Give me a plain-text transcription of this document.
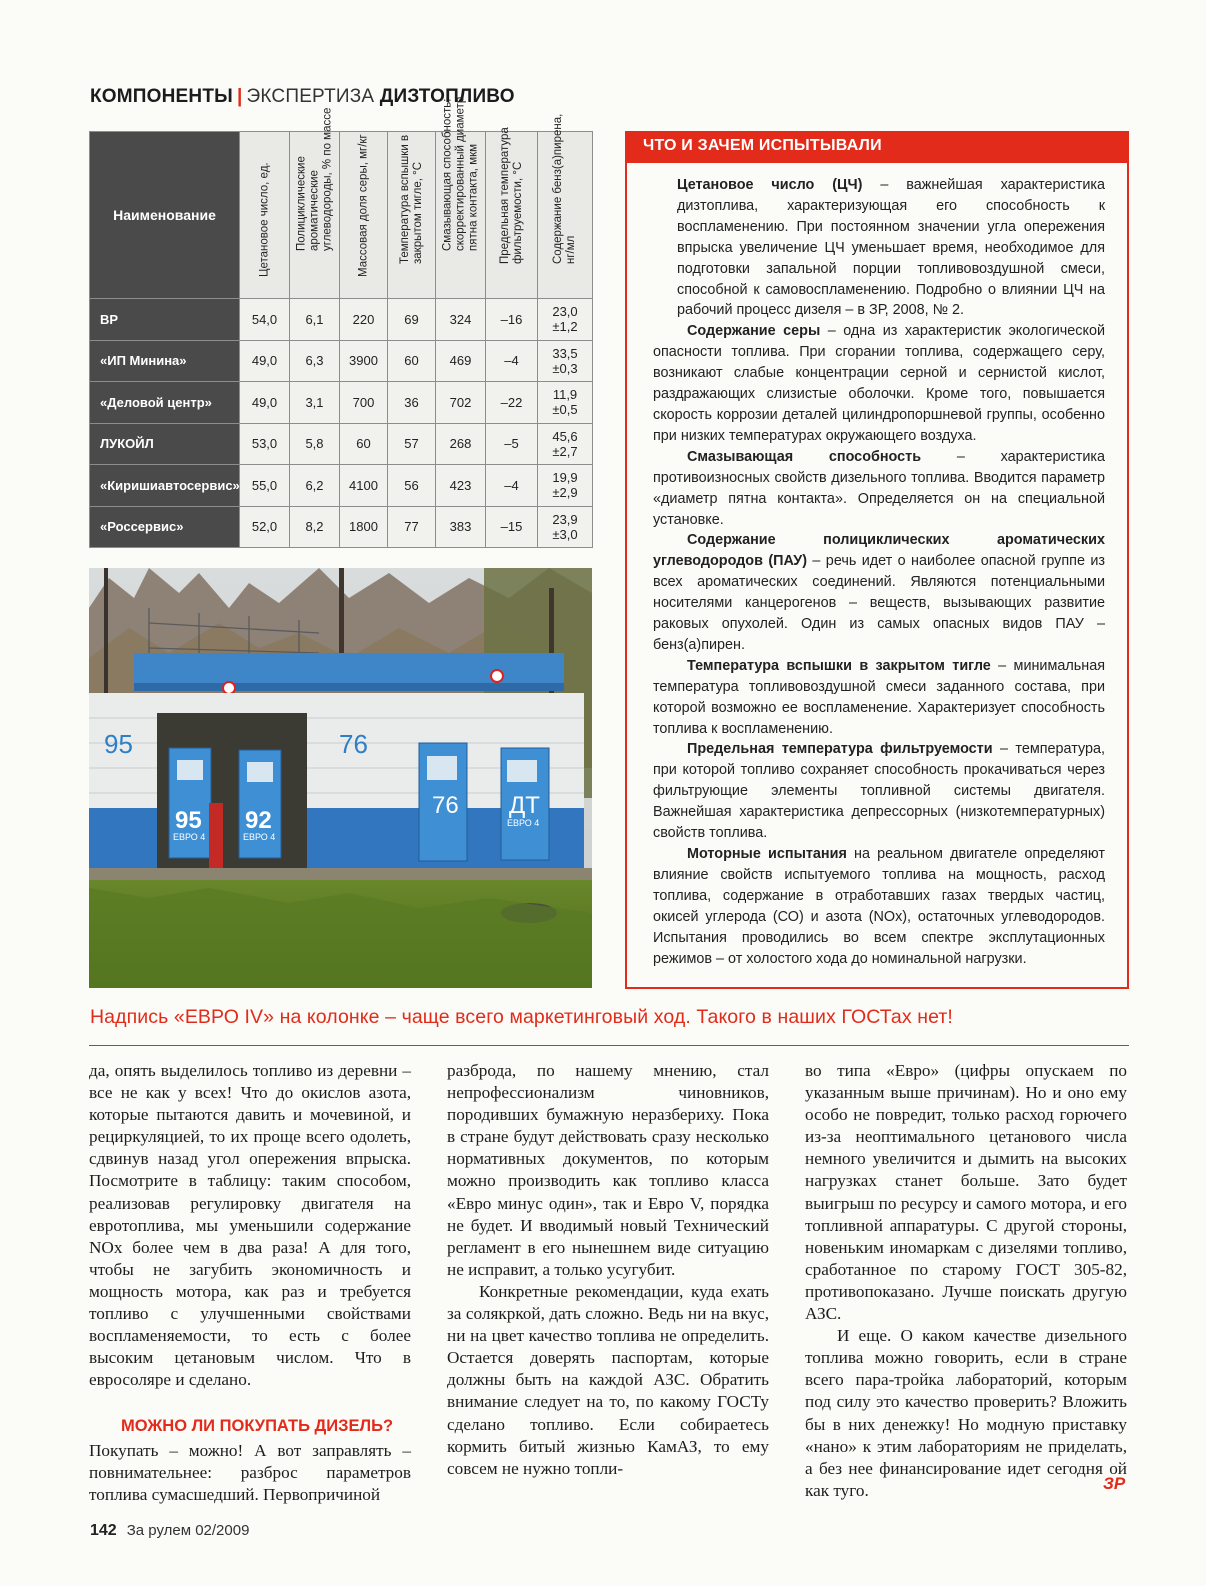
КОМПОНЕНТЫ | ЭКСПЕРТИЗА ДИЗТОПЛИВО
Наименование	Цетановое число, ед.	Полициклические ароматические углеводороды, % по массе	Массовая доля серы, мг/кг	Температура вспышки в закрытом тигле, °С	Смазывающая способность: скорректированный диаметр пятна контакта, мкм	Предельная температура фильтруемости, °С	Содержание бенз(а)пирена, нг/мл

BP	54,0	6,1	220	69	324	–16	23,0
±1,2
«ИП Минина»	49,0	6,3	3900	60	469	–4	33,5
±0,3
«Деловой центр»	49,0	3,1	700	36	702	–22	11,9
±0,5
ЛУКОЙЛ	53,0	5,8	60	57	268	–5	45,6
±2,7
«Киришиавтосервис»	55,0	6,2	4100	56	423	–4	19,9
±2,9
«Россервис»	52,0	8,2	1800	77	383	–15	23,9
±3,0
95	76
95
ЕВРО 4
92
ЕВРО 4
76 ДТ
ЕВРО 4
ЧТО И ЗАЧЕМ ИСПЫТЫВАЛИ

Цетановое число (ЦЧ) – важнейшая характеристика дизтоплива, характеризующая его способность к воспламенению. При постоянном значении угла опережения впрыска увеличение ЦЧ уменьшает время, необходимое для подготовки запальной порции топливовоздушной смеси, способной к самовоспламенению. Подробно о влиянии ЦЧ на рабочий процесс дизеля – в ЗР, 2008, № 2.

Содержание серы – одна из характеристик экологической опасности топлива. При сгорании топлива, содержащего серу, возникают слабые концентрации серной и сернистой кислот, раздражающих слизистые оболочки. Кроме того, повышается скорость коррозии деталей цилиндропоршневой группы, особенно при низких температурах окружающего воздуха.

Смазывающая способность – характеристика противоизносных свойств дизельного топлива. Вводится параметр «диаметр пятна контакта». Определяется он на специальной установке.

Содержание полициклических ароматических углеводородов (ПАУ) – речь идет о наиболее опасной группе из всех ароматических соединений. Являются потенциальными носителями канцерогенов – веществ, вызывающих развитие раковых опухолей. Один из самых опасных видов ПАУ – бенз(а)пирен.

Температура вспышки в закрытом тигле – минимальная температура топливовоздушной смеси заданного состава, при которой возможно ее воспламенение. Характеризует способность топлива к воспламенению.

Предельная температура фильтруемости – температура, при которой топливо сохраняет способность прокачиваться через фильтрующие элементы топливной системы двигателя. Важнейшая характеристика депрессорных (низкотемпературных) свойств топлива.

Моторные испытания на реальном двигателе определяют влияние свойств испытуемого топлива на мощность, расход топлива, содержание в отработавших газах твердых частиц, окисей углерода (СО) и азота (NOx), остаточных углеводородов. Испытания проводились во всем спектре эксплутационных режимов – от холостого хода до номинальной нагрузки.

Надпись «ЕВРО IV» на колонке – чаще всего маркетинговый ход. Такого в наших ГОСТах нет!

да, опять выделилось топливо из деревни – все не как у всех! Что до окислов азота, которые пытаются давить и мочевиной, и рециркуляцией, то их проще всего одолеть, сдвинув назад угол опережения впрыска. Посмотрите в таблицу: таким способом, реализовав регулировку двигателя на евротоплива, мы уменьшили содержание NOx более чем в два раза! А для того, чтобы не загубить экономичность и мощность мотора, как раз и требуется топливо с улучшенными свойствами воспламеняемости, то есть с более высоким цетановым числом. Что в евросоляре и сделано.

МОЖНО ЛИ ПОКУПАТЬ ДИЗЕЛЬ?

Покупать – можно! А вот заправлять – повнимательнее: разброс параметров топлива сумасшедший. Первопричиной

разброда, по нашему мнению, стал непрофессионализм чиновников, породивших бумажную неразбериху. Пока в стране будут действовать сразу несколько нормативных документов, по которым можно производить как топливо класса «Евро минус один», так и Евро V, порядка не будет. И вводимый новый Технический регламент в его нынешнем виде ситуацию не исправит, а только усугубит.

Конкретные рекомендации, куда ехать за солякркой, дать сложно. Ведь ни на вкус, ни на цвет качество топлива не определить. Остается доверять паспортам, которые должны быть на каждой АЗС. Обратить внимание следует на то, по какому ГОСТу сделано топливо. Если собираетесь кормить битый жизнью КамАЗ, то ему совсем не нужно топли-

во типа «Евро» (цифры опускаем по указанным выше причинам). Но и оно ему особо не повредит, только расход горючего из-за неоптимального цетанового числа немного увеличится и дымить на высоких нагрузках станет больше. Зато будет выигрыш по ресурсу и самого мотора, и его топливной аппаратуры. С другой стороны, новеньким иномаркам с дизелями топливо, сработанное по старому ГОСТ 305-82, противопоказано. Лучше поискать другую АЗС.

И еще. О каком качестве дизельного топлива можно говорить, если в стране всего пара-тройка лабораторий, которым под силу это качество проверить? Вложить бы в них денежку! Но модную приставку «нано» к этим лабораториям не приделать, а без нее финансирование идет сегодня ой как туго.	ЗР
142 За рулем 02/2009
